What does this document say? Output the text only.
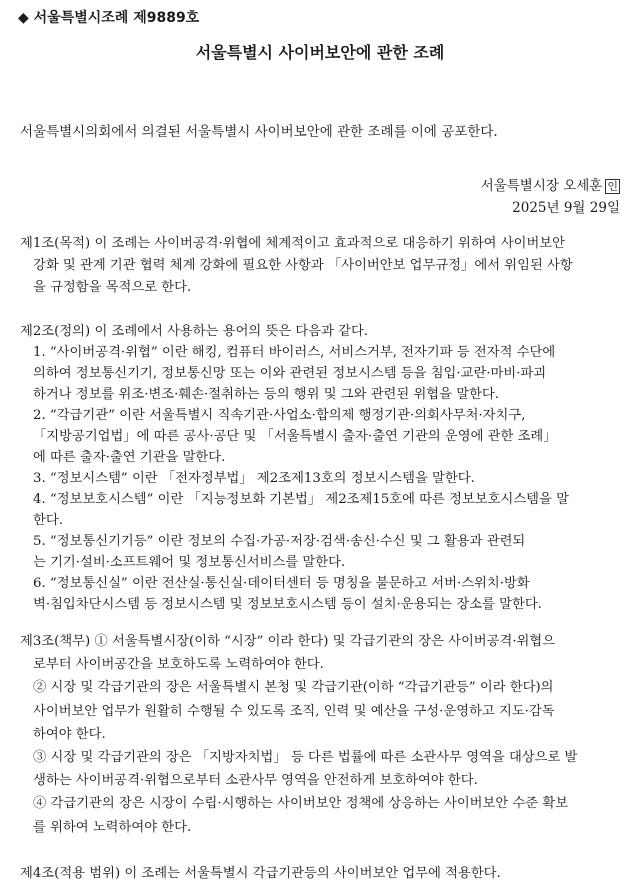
◆ 서울특별시조례 제9889호
서울특별시 사이버보안에 관한 조례
서울특별시의회에서 의결된 서울특별시 사이버보안에 관한 조례를 이에 공포한다.
서울특별시장 오세훈 인
2025년 9월 29일
제1조(목적) 이 조례는 사이버공격·위협에 체계적이고 효과적으로 대응하기 위하여 사이버보안
강화 및 관계 기관 협력 체계 강화에 필요한 사항과 「사이버안보 업무규정」에서 위임된 사항
을 규정함을 목적으로 한다.
제2조(정의) 이 조례에서 사용하는 용어의 뜻은 다음과 같다.
1. “사이버공격·위협” 이란 해킹, 컴퓨터 바이러스, 서비스거부, 전자기파 등 전자적 수단에
의하여 정보통신기기, 정보통신망 또는 이와 관련된 정보시스템 등을 침입·교란·마비·파괴
하거나 정보를 위조·변조·훼손·절취하는 등의 행위 및 그와 관련된 위협을 말한다.
2. “각급기관” 이란 서울특별시 직속기관·사업소·합의제 행정기관·의회사무처·자치구,
「지방공기업법」에 따른 공사·공단 및 「서울특별시 출자·출연 기관의 운영에 관한 조례」
에 따른 출자·출연 기관을 말한다.
3. “정보시스템” 이란 「전자정부법」 제2조제13호의 정보시스템을 말한다.
4. “정보보호시스템” 이란 「지능정보화 기본법」 제2조제15호에 따른 정보보호시스템을 말
한다.
5. “정보통신기기등” 이란 정보의 수집·가공·저장·검색·송신·수신 및 그 활용과 관련되
는 기기·설비·소프트웨어 및 정보통신서비스를 말한다.
6. “정보통신실” 이란 전산실·통신실·데이터센터 등 명칭을 불문하고 서버·스위치·방화
벽·침입차단시스템 등 정보시스템 및 정보보호시스템 등이 설치·운용되는 장소를 말한다.
제3조(책무) ① 서울특별시장(이하 “시장” 이라 한다) 및 각급기관의 장은 사이버공격·위협으
로부터 사이버공간을 보호하도록 노력하여야 한다.
② 시장 및 각급기관의 장은 서울특별시 본청 및 각급기관(이하 “각급기관등” 이라 한다)의
사이버보안 업무가 원활히 수행될 수 있도록 조직, 인력 및 예산을 구성·운영하고 지도·감독
하여야 한다.
③ 시장 및 각급기관의 장은 「지방자치법」 등 다른 법률에 따른 소관사무 영역을 대상으로 발
생하는 사이버공격·위협으로부터 소관사무 영역을 안전하게 보호하여야 한다.
④ 각급기관의 장은 시장이 수립·시행하는 사이버보안 정책에 상응하는 사이버보안 수준 확보
를 위하여 노력하여야 한다.
제4조(적용 범위) 이 조례는 서울특별시 각급기관등의 사이버보안 업무에 적용한다.
